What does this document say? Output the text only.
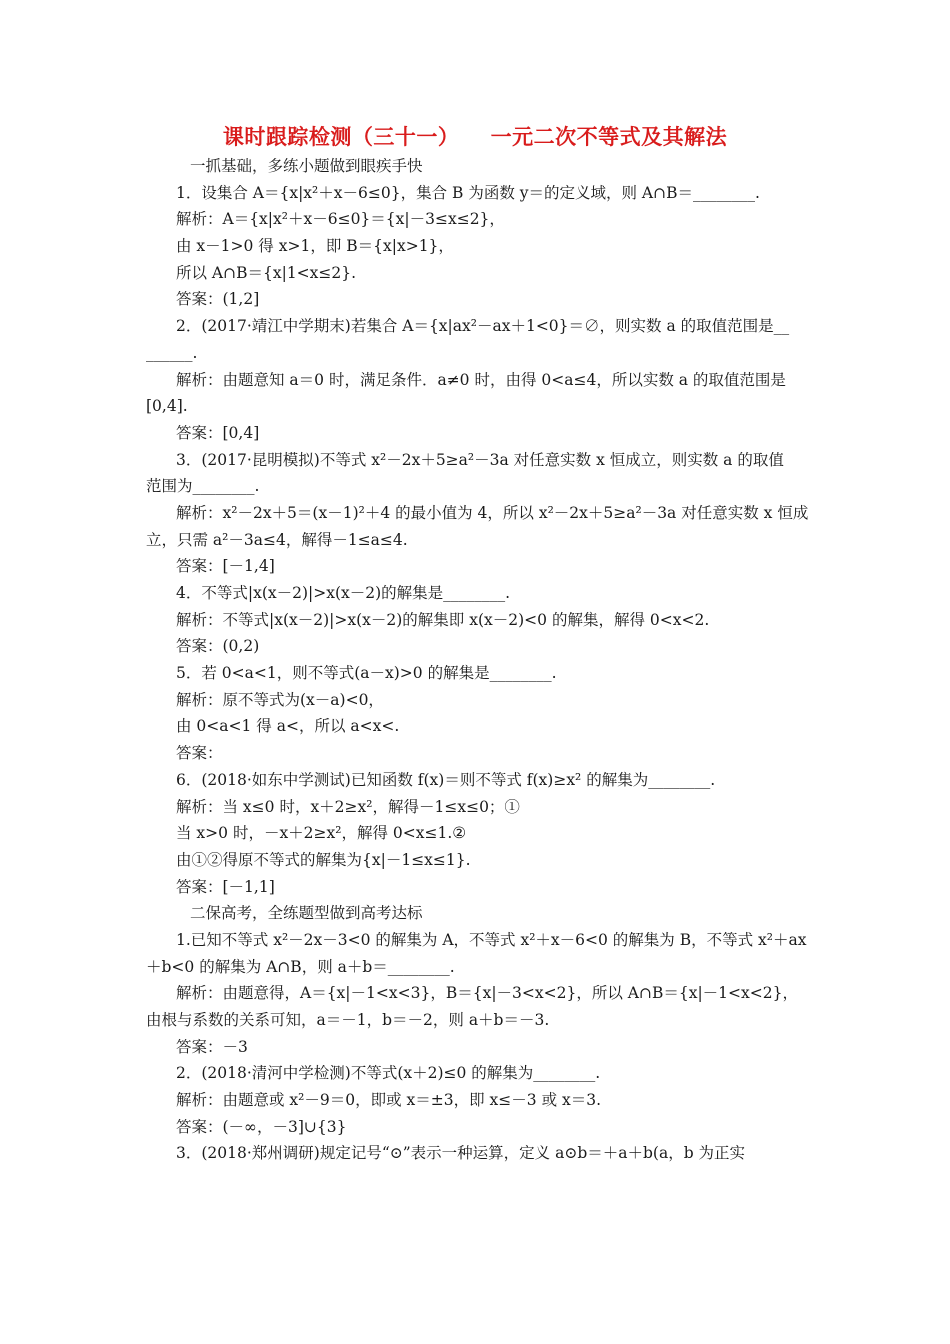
课时跟踪检测（三十一）    一元二次不等式及其解法
一抓基础，多练小题做到眼疾手快
1．设集合 A＝{x|x²＋x－6≤0}，集合 B 为函数 y＝的定义域，则 A∩B＝________.
解析：A＝{x|x²＋x－6≤0}＝{x|－3≤x≤2}，
由 x－1>0 得 x>1，即 B＝{x|x>1}，
所以 A∩B＝{x|1<x≤2}.
答案：(1,2]
2．(2017·靖江中学期末)若集合 A＝{x|ax²－ax＋1<0}＝∅，则实数 a 的取值范围是__
______.
解析：由题意知 a＝0 时，满足条件．a≠0 时，由得 0<a≤4，所以实数 a 的取值范围是
[0,4].
答案：[0,4]
3．(2017·昆明模拟)不等式 x²－2x＋5≥a²－3a 对任意实数 x 恒成立，则实数 a 的取值
范围为________.
解析：x²－2x＋5＝(x－1)²＋4 的最小值为 4，所以 x²－2x＋5≥a²－3a 对任意实数 x 恒成
立，只需 a²－3a≤4，解得－1≤a≤4.
答案：[－1,4]
4．不等式|x(x－2)|>x(x－2)的解集是________.
解析：不等式|x(x－2)|>x(x－2)的解集即 x(x－2)<0 的解集，解得 0<x<2.
答案：(0,2)
5．若 0<a<1，则不等式(a－x)>0 的解集是________.
解析：原不等式为(x－a)<0，
由 0<a<1 得 a<，所以 a<x<.
答案：
6．(2018·如东中学测试)已知函数 f(x)＝则不等式 f(x)≥x² 的解集为________.
解析：当 x≤0 时，x＋2≥x²，解得－1≤x≤0；①
当 x>0 时，－x＋2≥x²，解得 0<x≤1.②
由①②得原不等式的解集为{x|－1≤x≤1}.
答案：[－1,1]
二保高考，全练题型做到高考达标
1.已知不等式 x²－2x－3<0 的解集为 A，不等式 x²＋x－6<0 的解集为 B，不等式 x²＋ax
＋b<0 的解集为 A∩B，则 a＋b＝________.
解析：由题意得，A＝{x|－1<x<3}，B＝{x|－3<x<2}，所以 A∩B＝{x|－1<x<2}，
由根与系数的关系可知，a＝－1，b＝－2，则 a＋b＝－3.
答案：－3
2．(2018·清河中学检测)不等式(x＋2)≤0 的解集为________.
解析：由题意或 x²－9＝0，即或 x＝±3，即 x≤－3 或 x＝3.
答案：(－∞，－3]∪{3}
3．(2018·郑州调研)规定记号“⊙”表示一种运算，定义 a⊙b＝＋a＋b(a，b 为正实
